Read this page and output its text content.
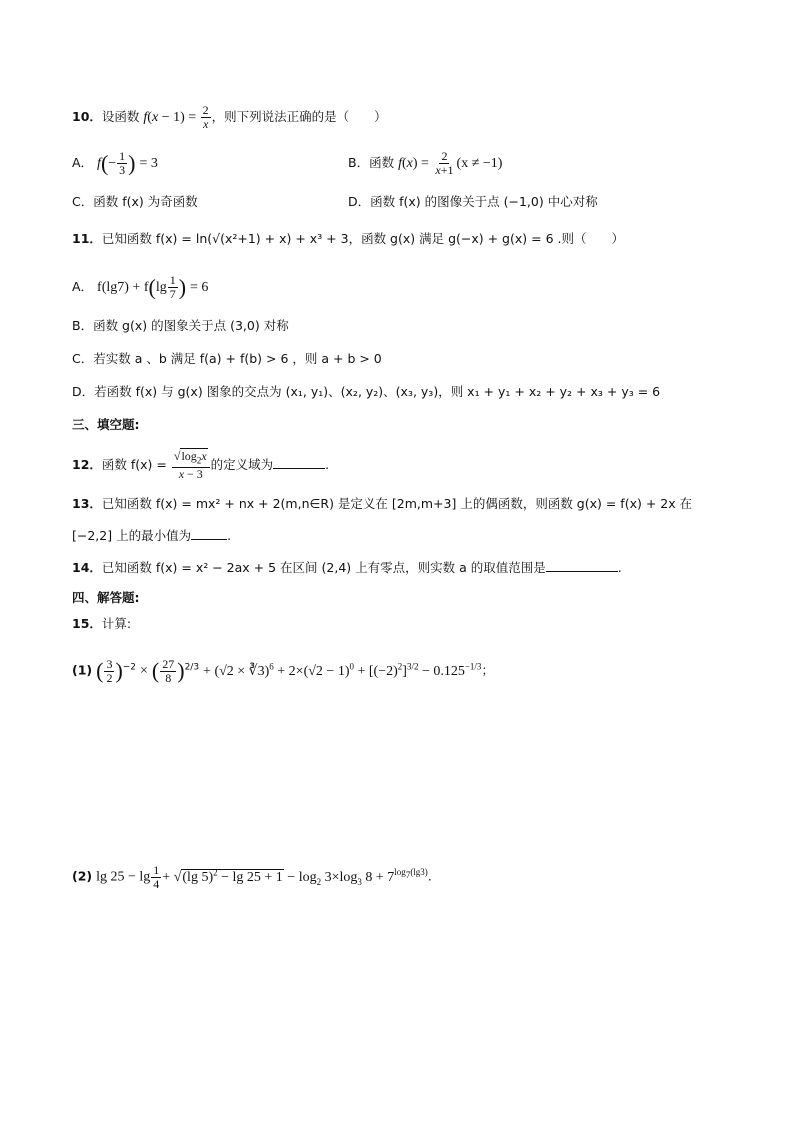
10．设函数 $f(x - 1) = \frac{2}{x}$ ，则下列说法正确的是（　　）
A． $f(- \frac{1}{3}$ ) = 3	B．函数 $f(x) = \frac{2}{x+1} (x \ne -1)$
C．函数 f(x) 为奇函数	D．函数 f(x) 的图像关于点 (−1,0) 中心对称
11．已知函数 f(x) = ln(√(x²+1) + x) + x³ + 3，函数 g(x) 满足 g(−x) + g(x) = 6 .则（　　）
A． $f(\lg 7) + f(\lg \frac{1}{7}$ ) = 6
B．函数 g(x) 的图象关于点 (3,0) 对称
C．若实数 a 、b 满足 f(a) + f(b) > 6 ，则 a + b > 0
D．若函数 f(x) 与 g(x) 图象的交点为 (x₁, y₁)、(x₂, y₂)、(x₃, y₃)，则 x₁ + y₁ + x₂ + y₂ + x₃ + y₃ = 6
三、填空题:
12．函数 $f(x) = \frac{√\log_2x}{x - 3}$ 的定义域为	.
13．已知函数 f(x) = mx² + nx + 2(m,n∈R) 是定义在 [2m,m+3] 上的偶函数，则函数 g(x) = f(x) + 2x 在
[−2,2] 上的最小值为	.
14．已知函数 f(x) = x² − 2ax + 5 在区间 (2,4) 上有零点，则实数 a 的取值范围是	.
四、解答题:
15．计算:
(1) ( $\frac{3}{2} )^{-2}$ × ( $\frac{27}{8} )^{2/3} + (√2$ × ∛3)$^6$ + $2\times(√2 - 1)^0 + [(-2)^2]^{3/2} - 0.125^{-1/3}$；
(2) $\lg 25 - \lg \frac{1}{4} + √(\lg$ $5)^2 - \lg 25 + 1 - \log_2 3\times\log_3$ $8 + 7^{log_7(lg3)}$.
